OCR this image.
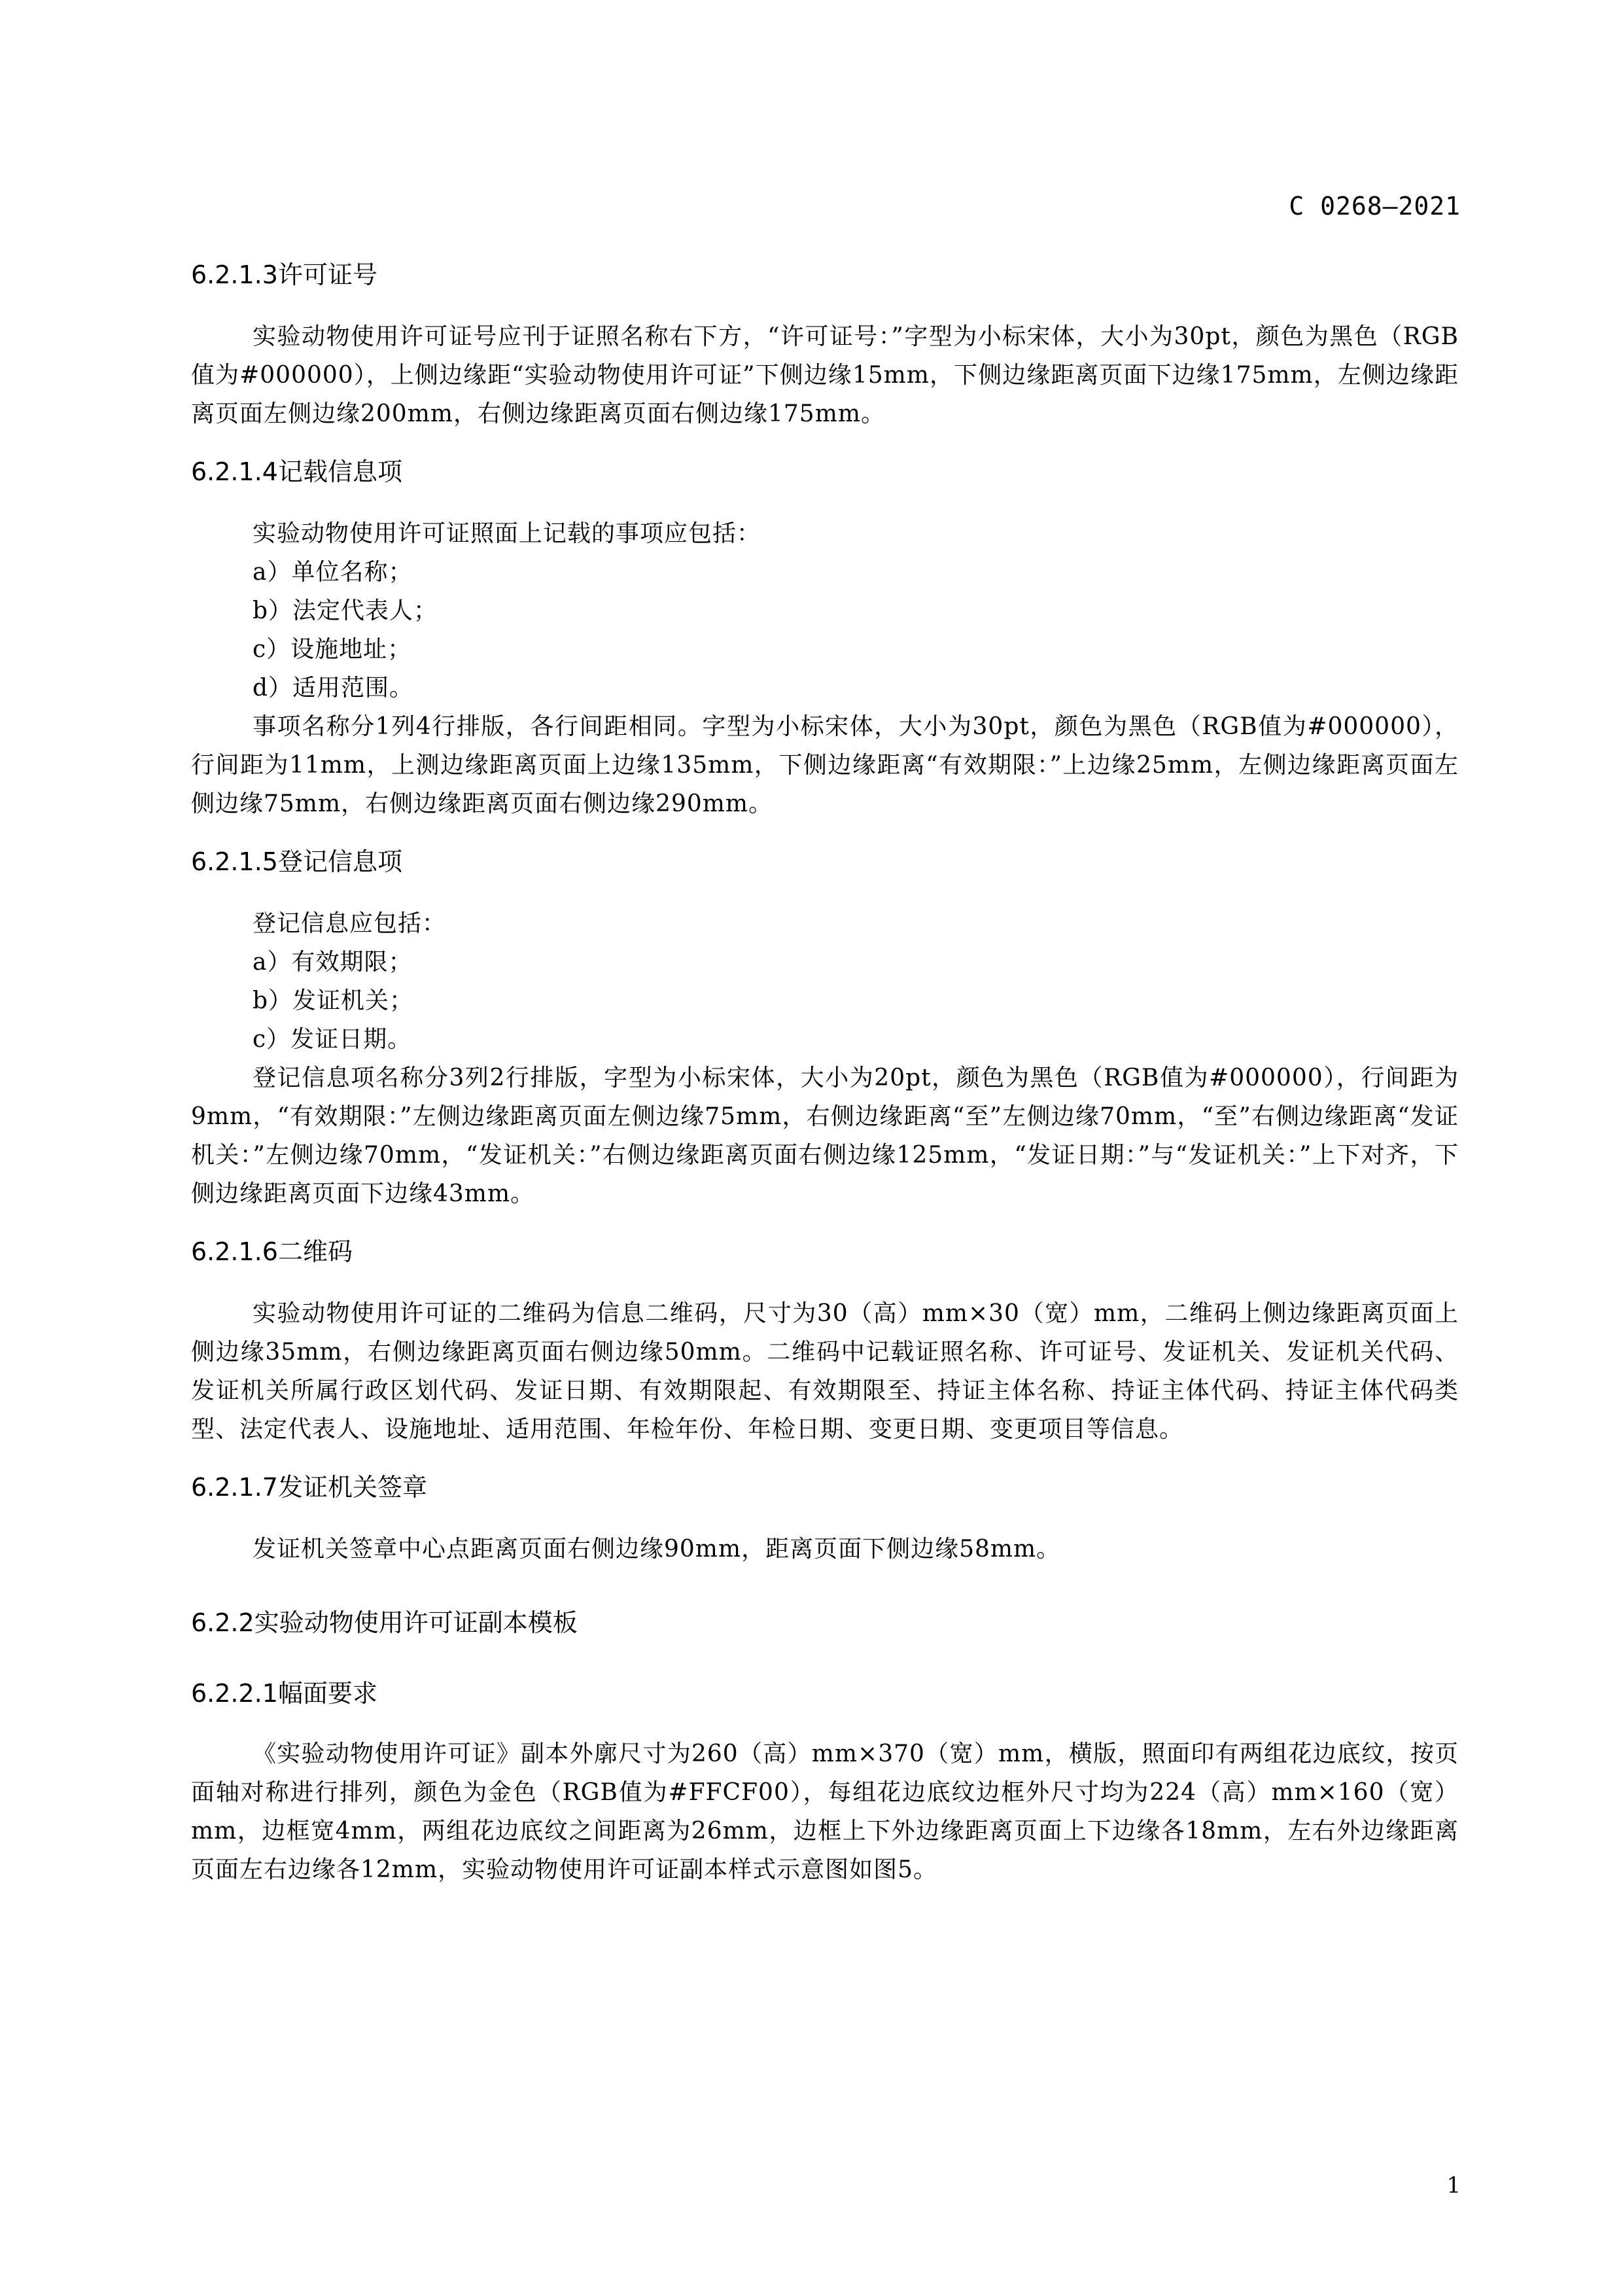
C 0268—2021
6.2.1.3许可证号

实验动物使用许可证号应刊于证照名称右下方，“许可证号：”字型为小标宋体，大小为30pt，颜色为黑色（RGB值为#000000），上侧边缘距“实验动物使用许可证”下侧边缘15mm，下侧边缘距离页面下边缘175mm，左侧边缘距离页面左侧边缘200mm，右侧边缘距离页面右侧边缘175mm。

6.2.1.4记载信息项

实验动物使用许可证照面上记载的事项应包括：

a）单位名称；

b）法定代表人；

c）设施地址；

d）适用范围。

事项名称分1列4行排版，各行间距相同。字型为小标宋体，大小为30pt，颜色为黑色（RGB值为#000000），行间距为11mm，上测边缘距离页面上边缘135mm，下侧边缘距离“有效期限：”上边缘25mm，左侧边缘距离页面左侧边缘75mm，右侧边缘距离页面右侧边缘290mm。

6.2.1.5登记信息项

登记信息应包括：

a）有效期限；

b）发证机关；

c）发证日期。

登记信息项名称分3列2行排版，字型为小标宋体，大小为20pt，颜色为黑色（RGB值为#000000），行间距为9mm，“有效期限：”左侧边缘距离页面左侧边缘75mm，右侧边缘距离“至”左侧边缘70mm，“至”右侧边缘距离“发证机关：”左侧边缘70mm，“发证机关：”右侧边缘距离页面右侧边缘125mm，“发证日期：”与“发证机关：”上下对齐，下侧边缘距离页面下边缘43mm。

6.2.1.6二维码

实验动物使用许可证的二维码为信息二维码，尺寸为30（高）mm×30（宽）mm，二维码上侧边缘距离页面上侧边缘35mm，右侧边缘距离页面右侧边缘50mm。二维码中记载证照名称、许可证号、发证机关、发证机关代码、发证机关所属行政区划代码、发证日期、有效期限起、有效期限至、持证主体名称、持证主体代码、持证主体代码类型、法定代表人、设施地址、适用范围、年检年份、年检日期、变更日期、变更项目等信息。

6.2.1.7发证机关签章

发证机关签章中心点距离页面右侧边缘90mm，距离页面下侧边缘58mm。

6.2.2实验动物使用许可证副本模板
6.2.2.1幅面要求

《实验动物使用许可证》副本外廓尺寸为260（高）mm×370（宽）mm，横版，照面印有两组花边底纹，按页面轴对称进行排列，颜色为金色（RGB值为#FFCF00），每组花边底纹边框外尺寸均为224（高）mm×160（宽）mm，边框宽4mm，两组花边底纹之间距离为26mm，边框上下外边缘距离页面上下边缘各18mm，左右外边缘距离页面左右边缘各12mm，实验动物使用许可证副本样式示意图如图5。

1
